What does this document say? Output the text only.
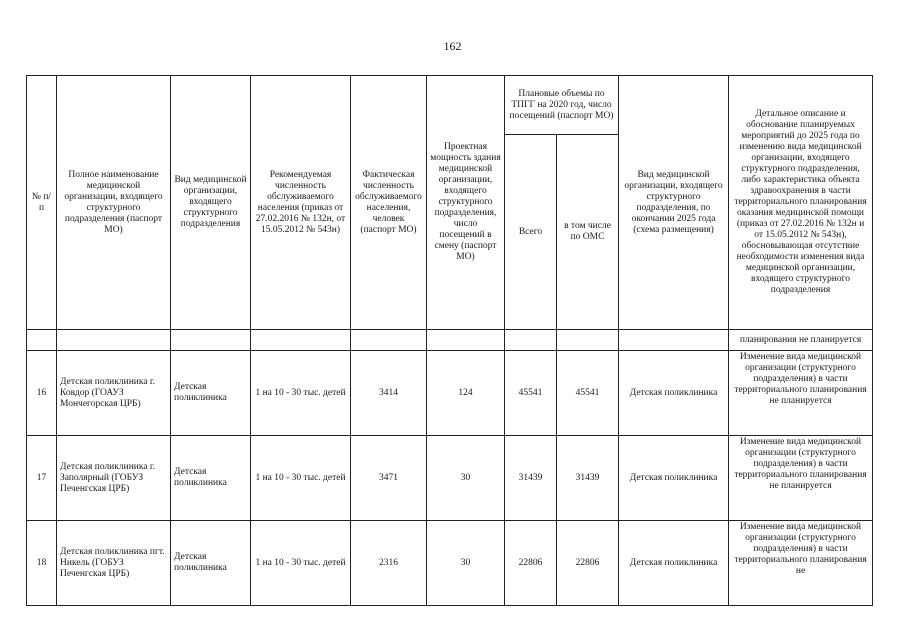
162
№ п/п	Полное наименование медицинской организации, входящего структурного подразделения (паспорт МО)	Вид медицинской организации, входящего структурного подразделения	Рекомендуемая численность обслуживаемого населения (приказ от 27.02.2016 № 132н, от 15.05.2012 № 543н)	Фактическая численность обслуживаемого населения, человек (паспорт МО)	Проектная мощность здания медицинской организации, входящего структурного подразделения, число посещений в смену (паспорт МО)	Плановые объемы по ТПГГ на 2020 год, число посещений (паспорт МО)		Вид медицинской организации, входящего структурного подразделения, по окончании 2025 года (схема размещения)	Детальное описание и обоснование планируемых мероприятий до 2025 года по изменению вида медицинской организации, входящего структурного подразделения, либо характеристика объекта здравоохранения в части территориального планирования оказания медицинской помощи (приказ от 27.02.2016 № 132н и от 15.05.2012 № 543н), обосновывающая отсутствие необходимости изменения вида медицинской организации, входящего структурного подразделения

						Всего	в том числе по ОМС		
									планирования не планируется
16	Детская поликлиника г. Ковдор (ГОАУЗ Мончегорская ЦРБ)	Детская поликлиника	1 на 10 - 30 тыс. детей	3414	124	45541	45541	Детская поликлиника	Изменение вида медицинской организации (структурного подразделения) в части территориального планирования не планируется

17	Детская поликлиника г. Заполярный (ГОБУЗ Печенгская ЦРБ)	Детская поликлиника	1 на 10 - 30 тыс. детей	3471	30	31439	31439	Детская поликлиника	Изменение вида медицинской организации (структурного подразделения) в части территориального планирования не планируется

18	Детская поликлиника пгт. Никель (ГОБУЗ Печенгская ЦРБ)	Детская поликлиника	1 на 10 - 30 тыс. детей	2316	30	22806	22806	Детская поликлиника	Изменение вида медицинской организации (структурного подразделения) в части территориального планирования не
